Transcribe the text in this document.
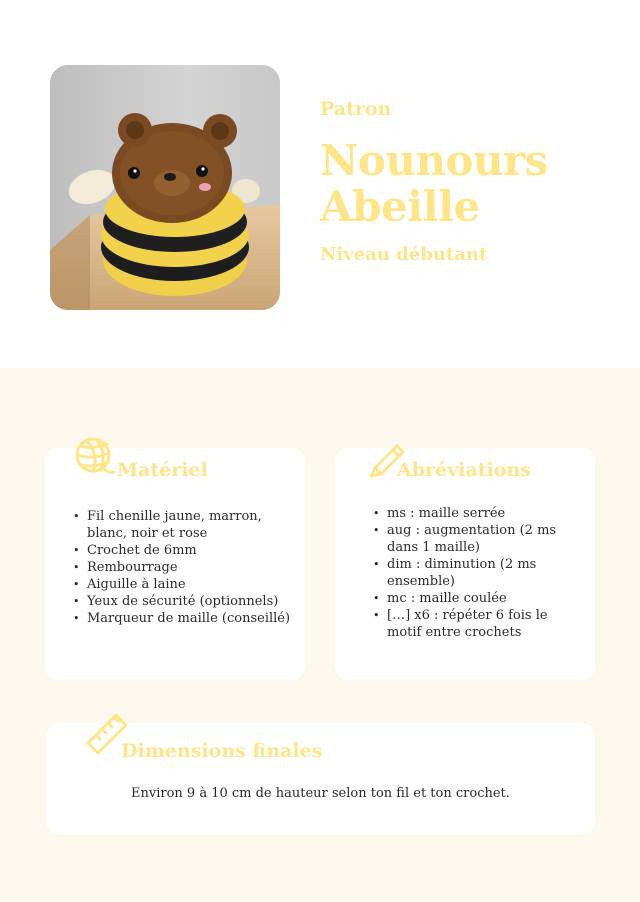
Patron
Nounours Abeille
Niveau débutant
Matériel
• Fil chenille jaune, marron, blanc, noir et rose
• Crochet de 6mm
• Rembourrage
• Aiguille à laine
• Yeux de sécurité (optionnels)
• Marqueur de maille (conseillé)
Abréviations
• ms : maille serrée
• aug : augmentation (2 ms dans 1 maille)
• dim : diminution (2 ms ensemble)
• mc : maille coulée
• […] x6 : répéter 6 fois le motif entre crochets
Dimensions finales
Environ 9 à 10 cm de hauteur selon ton fil et ton crochet.
